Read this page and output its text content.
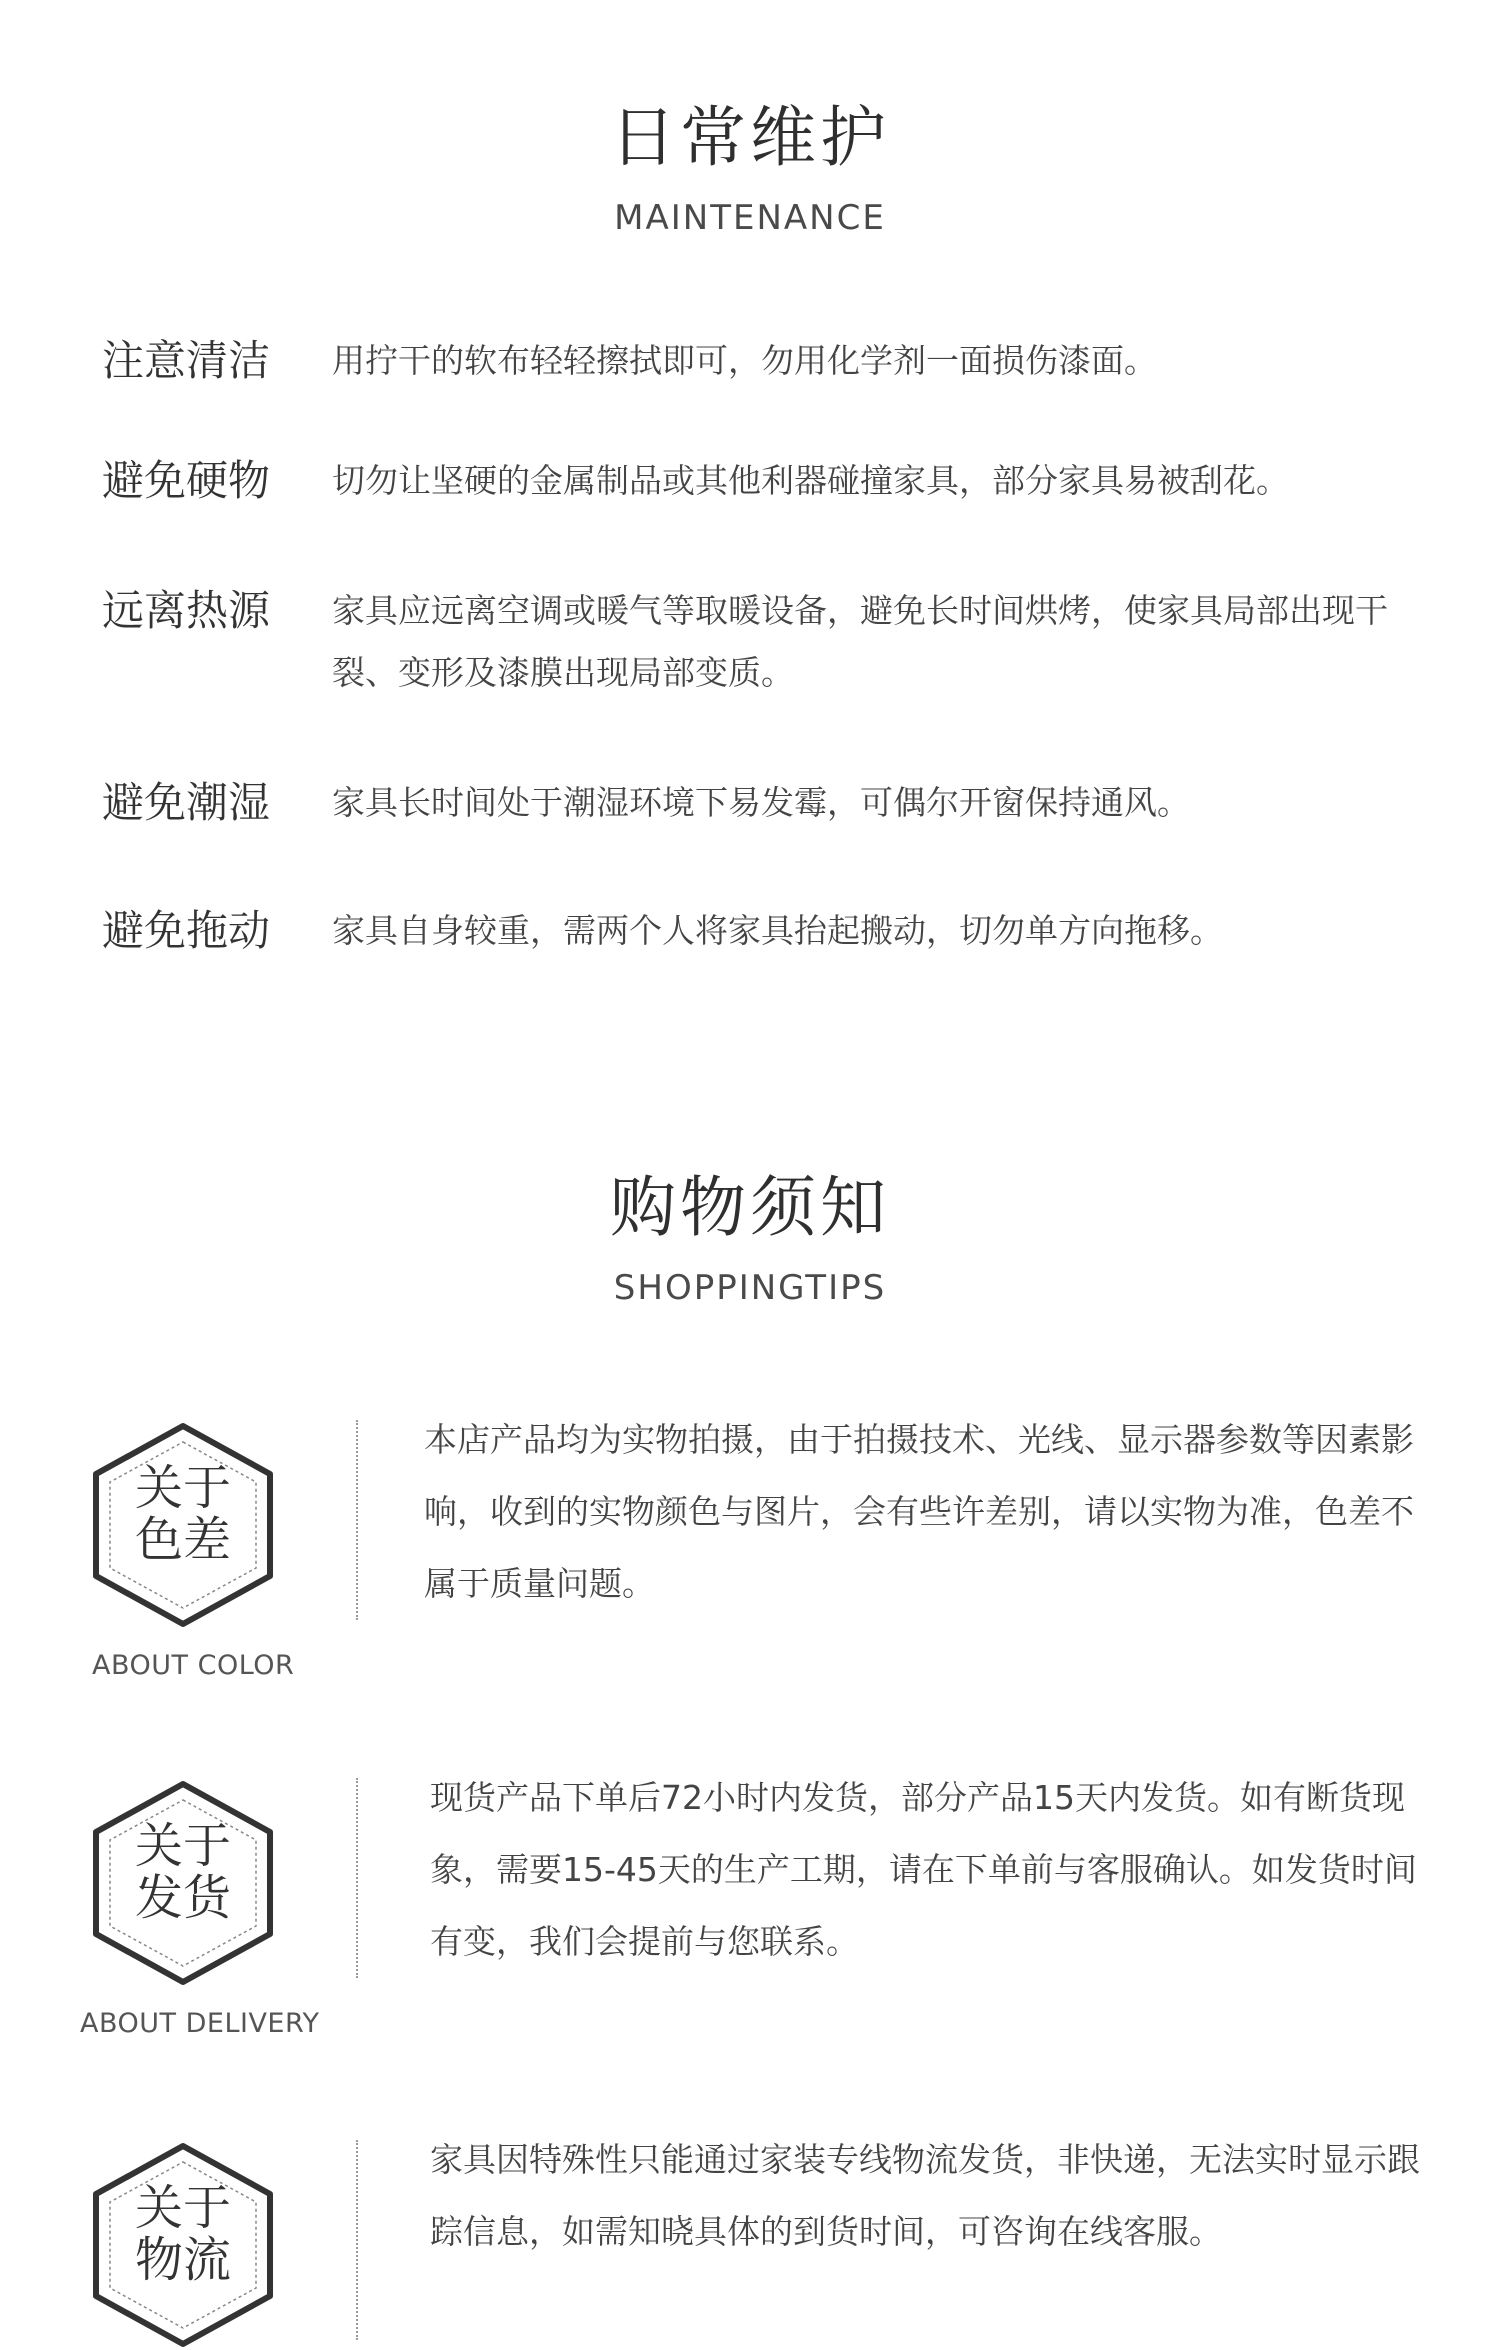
日常维护
MAINTENANCE
注意清洁 用拧干的软布轻轻擦拭即可，勿用化学剂一面损伤漆面。
避免硬物 切勿让坚硬的金属制品或其他利器碰撞家具，部分家具易被刮花。
远离热源 家具应远离空调或暖气等取暖设备，避免长时间烘烤，使家具局部出现干裂、变形及漆膜出现局部变质。
避免潮湿 家具长时间处于潮湿环境下易发霉，可偶尔开窗保持通风。
避免拖动 家具自身较重，需两个人将家具抬起搬动，切勿单方向拖移。
购物须知
SHOPPINGTIPS
关于
色差
ABOUT COLOR
本店产品均为实物拍摄，由于拍摄技术、光线、显示器参数等因素影响，收到的实物颜色与图片，会有些许差别，请以实物为准，色差不属于质量问题。
关于
发货
ABOUT DELIVERY
现货产品下单后72小时内发货，部分产品15天内发货。如有断货现象，需要15-45天的生产工期，请在下单前与客服确认。如发货时间有变，我们会提前与您联系。
关于
物流
家具因特殊性只能通过家装专线物流发货，非快递，无法实时显示跟踪信息，如需知晓具体的到货时间，可咨询在线客服。
